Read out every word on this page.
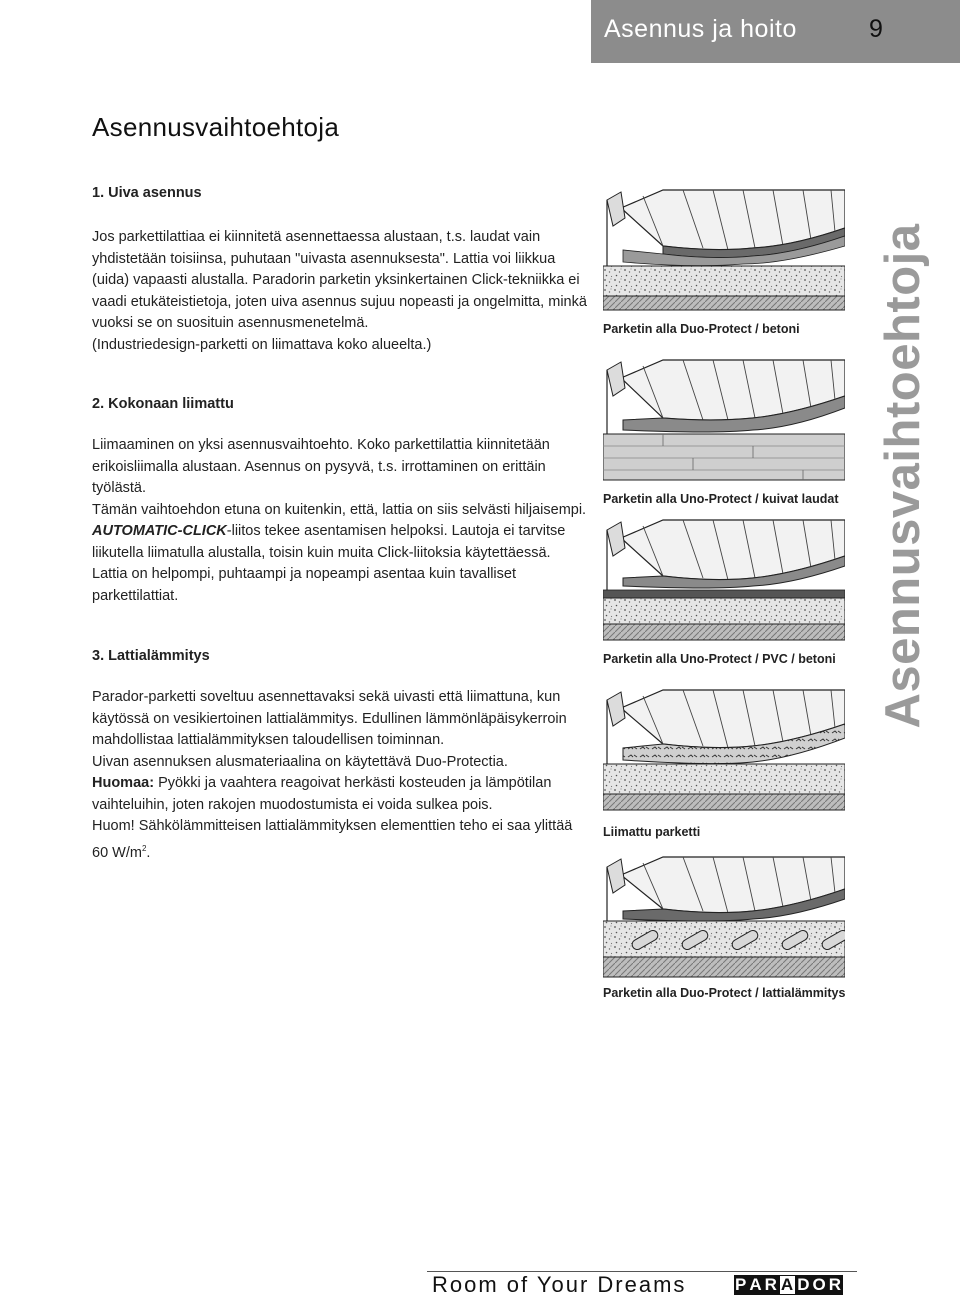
Asennus ja hoito	9
Asennusvaihtoehtoja
1. Uiva asennus

Jos parkettilattiaa ei kiinnitetä asennettaessa alustaan, t.s. laudat vain yhdistetään toisiinsa, puhutaan "uivasta asennuksesta". Lattia voi liikkua (uida) vapaasti alustalla. Paradorin parketin yksinkertainen Click-tekniikka ei vaadi etukäteistietoja, joten uiva asennus sujuu nopeasti ja ongelmitta, minkä vuoksi se on suosituin asennusmenetelmä.

(Industriedesign-parketti on liimattava koko alueelta.)

2. Kokonaan liimattu

Liimaaminen on yksi asennusvaihtoehto. Koko parkettilattia kiinnitetään erikoisliimalla alustaan. Asennus on pysyvä, t.s. irrottaminen on erittäin työlästä.

Tämän vaihtoehdon etuna on kuitenkin, että, lattia on siis selvästi hiljaisempi.

AUTOMATIC-CLICK-liitos tekee asentamisen helpoksi. Lautoja ei tarvitse liikutella liimatulla alustalla, toisin kuin muita Click-liitoksia käytettäessä. Lattia on helpompi, puhtaampi ja nopeampi asentaa kuin tavalliset parkettilattiat.

3. Lattialämmitys

Parador-parketti soveltuu asennettavaksi sekä uivasti että liimattuna, kun käytössä on vesikiertoinen lattialämmitys. Edullinen lämmönläpäisykerroin mahdollistaa lattialämmityksen taloudellisen toiminnan.

Uivan asennuksen alusmateriaalina on käytettävä Duo-Protectia.

Huomaa: Pyökki ja vaahtera reagoivat herkästi kosteuden ja lämpötilan vaihteluihin, joten rakojen muodostumista ei voida sulkea pois.

Huom! Sähkölämmitteisen lattialämmityksen elementtien teho ei saa ylittää 60 $W/m^2$.

Parketin alla Duo-Protect / betoni

Parketin alla Uno-Protect / kuivat laudat

Parketin alla Uno-Protect / PVC / betoni

Liimattu parketti

Parketin alla Duo-Protect / lattialämmitys

Asennusvaihtoehtoja
Room of Your Dreams	P A R A D O R
